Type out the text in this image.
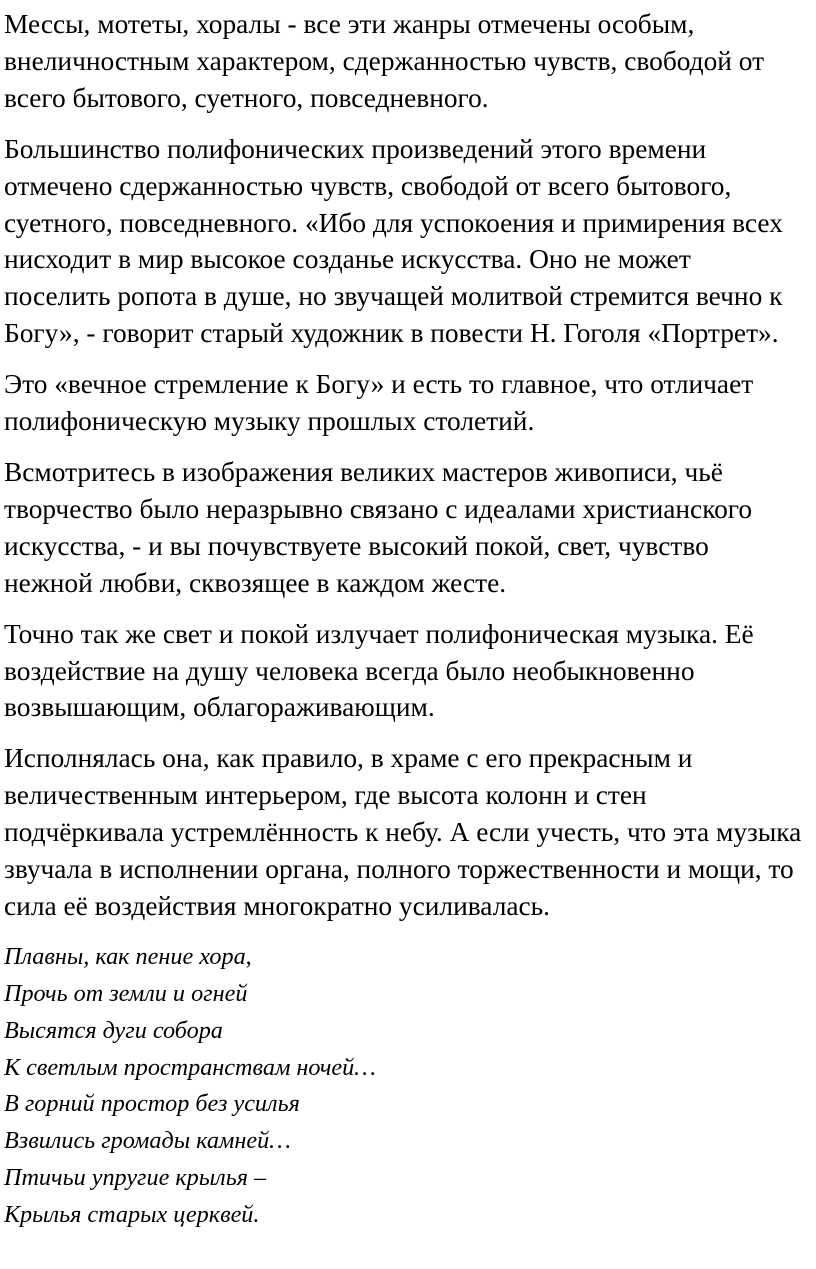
Мессы, мотеты, хоралы - все эти жанры отмечены особым,
внеличностным характером, сдержанностью чувств, свободой от
всего бытового, суетного, повседневного.

Большинство полифонических произведений этого времени
отмечено сдержанностью чувств, свободой от всего бытового,
суетного, повседневного. «Ибо для успокоения и примирения всех
нисходит в мир высокое созданье искусства. Оно не может
поселить ропота в душе, но звучащей молитвой стремится вечно к
Богу», - говорит старый художник в повести Н. Гоголя «Портрет».

Это «вечное стремление к Богу» и есть то главное, что отличает
полифоническую музыку прошлых столетий.

Всмотритесь в изображения великих мастеров живописи, чьё
творчество было неразрывно связано с идеалами христианского
искусства, - и вы почувствуете высокий покой, свет, чувство
нежной любви, сквозящее в каждом жесте.

Точно так же свет и покой излучает полифоническая музыка. Её
воздействие на душу человека всегда было необыкновенно
возвышающим, облагораживающим.

Исполнялась она, как правило, в храме с его прекрасным и
величественным интерьером, где высота колонн и стен
подчёркивала устремлённость к небу. А если учесть, что эта музыка
звучала в исполнении органа, полного торжественности и мощи, то
сила её воздействия многократно усиливалась.

Плавны, как пение хора,
Прочь от земли и огней
Высятся дуги собора
К светлым пространствам ночей…
В горний простор без усилья
Взвились громады камней…
Птичьи упругие крылья –
Крылья старых церквей.
